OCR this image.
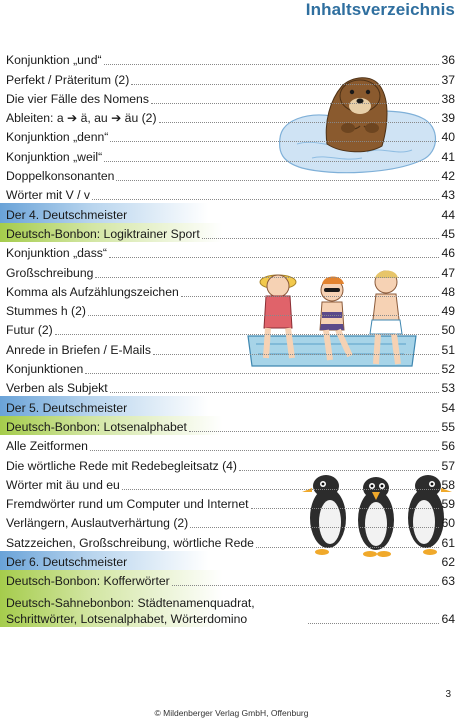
Inhaltsverzeichnis
Konjunktion „und“	36
Perfekt / Präteritum (2)	37
Die vier Fälle des Nomens	38
Ableiten: a ➔ ä, au ➔ äu (2)	39
Konjunktion „denn“	40
Konjunktion „weil“	41
Doppelkonsonanten	42
Wörter mit V / v	43
Der 4. Deutschmeister	44
Deutsch-Bonbon: Logiktrainer Sport	45
Konjunktion „dass“	46
Großschreibung	47
Komma als Aufzählungszeichen	48
Stummes h (2)	49
Futur (2)	50
Anrede in Briefen / E-Mails	51
Konjunktionen	52
Verben als Subjekt	53
Der 5. Deutschmeister	54
Deutsch-Bonbon: Lotsenalphabet	55
Alle Zeitformen	56
Die wörtliche Rede mit Redebegleitsatz (4)	57
Wörter mit äu und eu	58
Fremdwörter rund um Computer und Internet	59
Verlängern, Auslautverhärtung (2)	60
Satzzeichen, Großschreibung, wörtliche Rede	61
Der 6. Deutschmeister	62
Deutsch-Bonbon: Kofferwörter	63
Deutsch-Sahnebonbon: Städtenamenquadrat, Schrittwörter, Lotsenalphabet, Wörterdomino	64
3
© Mildenberger Verlag GmbH, Offenburg
